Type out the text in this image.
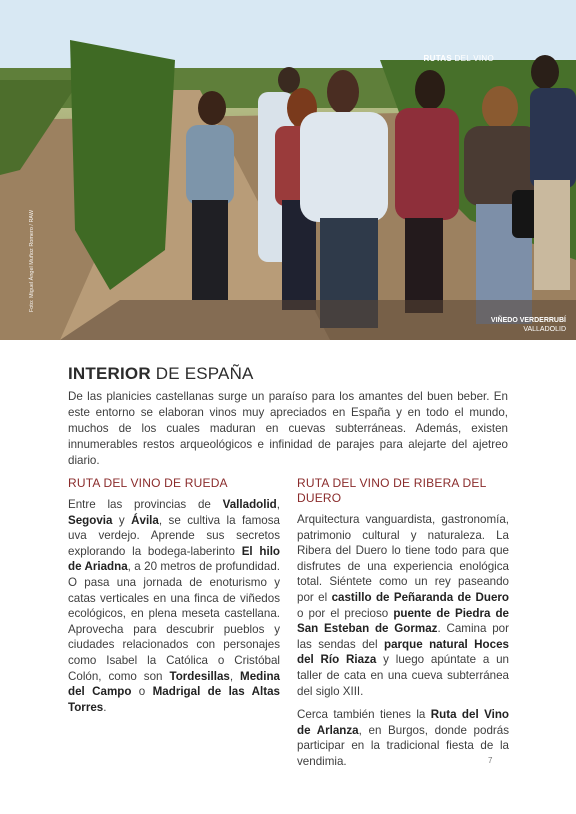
RUTAS DEL VINO
Foto: Miguel Ángel Muñoz Romero / RAW
VIÑEDO VERDERRUBÍ
VALLADOLID
INTERIOR DE ESPAÑA
De las planicies castellanas surge un paraíso para los amantes del buen beber. En este entorno se elaboran vinos muy apreciados en España y en todo el mundo, muchos de los cuales maduran en cuevas subterráneas. Además, existen innumerables restos arqueológicos e infinidad de parajes para alejarte del ajetreo diario.
RUTA DEL VINO DE RUEDA

Entre las provincias de Valladolid, Segovia y Ávila, se cultiva la famosa uva verdejo. Aprende sus secretos explorando la bodega-laberinto El hilo de Ariadna, a 20 metros de profundidad. O pasa una jornada de enoturismo y catas verticales en una finca de viñedos ecológicos, en plena meseta castellana. Aprovecha para descubrir pueblos y ciudades relacionados con personajes como Isabel la Católica o Cristóbal Colón, como son Tordesillas, Medina del Campo o Madrigal de las Altas Torres.

RUTA DEL VINO DE RIBERA DEL DUERO

Arquitectura vanguardista, gastronomía, patrimonio cultural y naturaleza. La Ribera del Duero lo tiene todo para que disfrutes de una experiencia enológica total. Siéntete como un rey paseando por el castillo de Peñaranda de Duero o por el precioso puente de Piedra de San Esteban de Gormaz. Camina por las sendas del parque natural Hoces del Río Riaza y luego apúntate a un taller de cata en una cueva subterránea del siglo XIII.

Cerca también tienes la Ruta del Vino de Arlanza, en Burgos, donde podrás participar en la tradicional fiesta de la vendimia.	7
